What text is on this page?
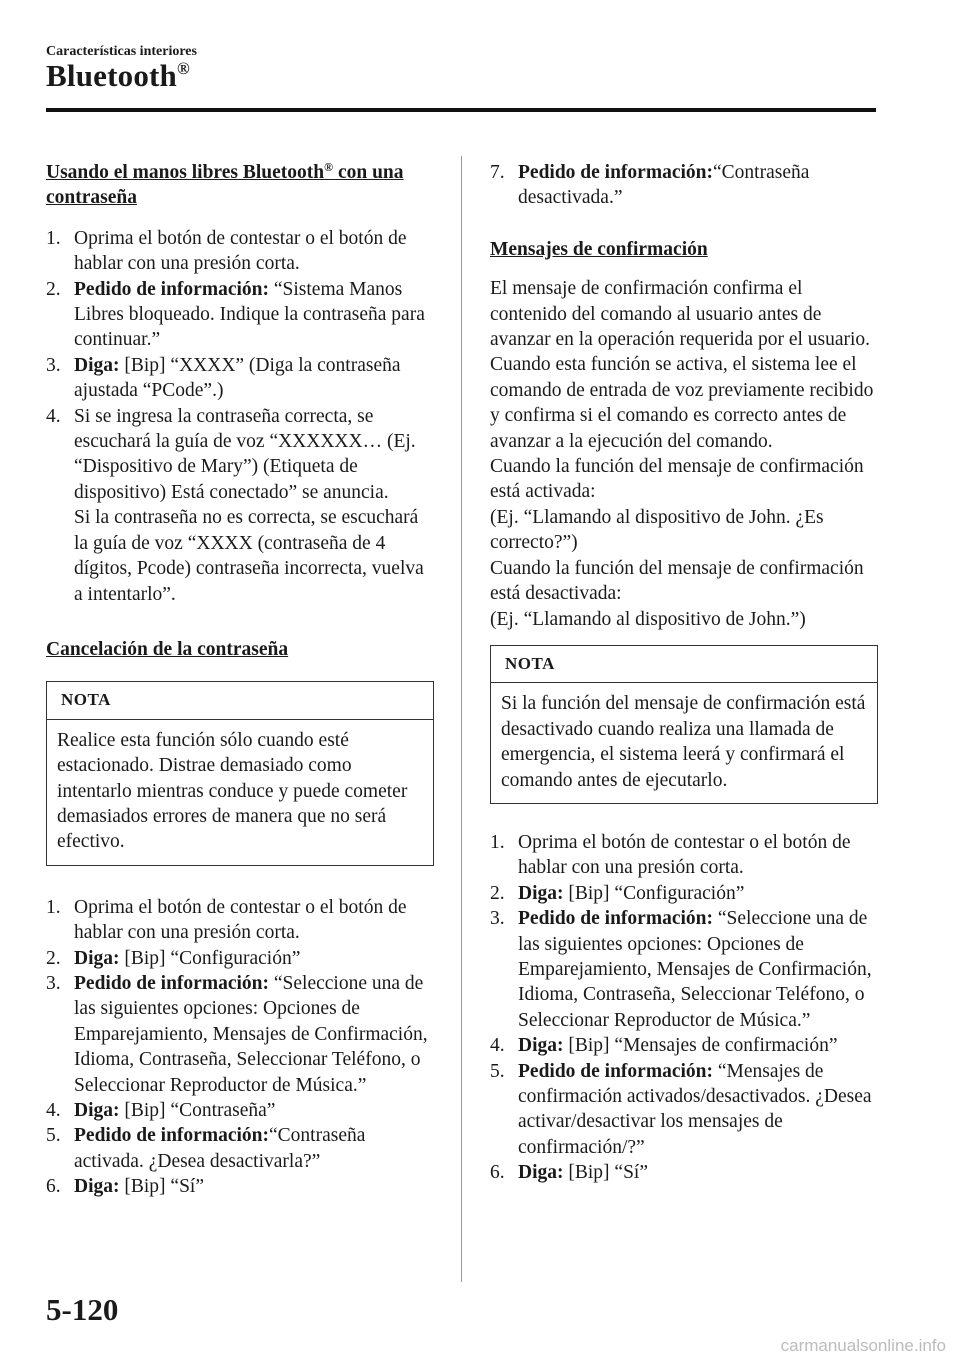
Características interiores
Bluetooth®
Usando el manos libres Bluetooth® con una contraseña
1. Oprima el botón de contestar o el botón de hablar con una presión corta.
2. Pedido de información: “Sistema Manos Libres bloqueado. Indique la contraseña para continuar.”
3. Diga: [Bip] “XXXX” (Diga la contraseña ajustada “PCode”.)
4. Si se ingresa la contraseña correcta, se escuchará la guía de voz “XXXXXX… (Ej. “Dispositivo de Mary”) (Etiqueta de dispositivo) Está conectado” se anuncia.
Si la contraseña no es correcta, se escuchará la guía de voz “XXXX (contraseña de 4 dígitos, Pcode) contraseña incorrecta, vuelva a intentarlo”.
Cancelación de la contraseña
NOTA
Realice esta función sólo cuando esté estacionado. Distrae demasiado como intentarlo mientras conduce y puede cometer demasiados errores de manera que no será efectivo.
1. Oprima el botón de contestar o el botón de hablar con una presión corta.
2. Diga: [Bip] “Configuración”
3. Pedido de información: “Seleccione una de las siguientes opciones: Opciones de Emparejamiento, Mensajes de Confirmación, Idioma, Contraseña, Seleccionar Teléfono, o Seleccionar Reproductor de Música.”
4. Diga: [Bip] “Contraseña”
5. Pedido de información:“Contraseña activada. ¿Desea desactivarla?”
6. Diga: [Bip] “Sí”
7. Pedido de información:“Contraseña desactivada.”
Mensajes de confirmación

El mensaje de confirmación confirma el contenido del comando al usuario antes de avanzar en la operación requerida por el usuario. Cuando esta función se activa, el sistema lee el comando de entrada de voz previamente recibido y confirma si el comando es correcto antes de avanzar a la ejecución del comando.

Cuando la función del mensaje de confirmación está activada:

(Ej. “Llamando al dispositivo de John. ¿Es correcto?”)

Cuando la función del mensaje de confirmación está desactivada:

(Ej. “Llamando al dispositivo de John.”)

NOTA
Si la función del mensaje de confirmación está desactivado cuando realiza una llamada de emergencia, el sistema leerá y confirmará el comando antes de ejecutarlo.
1. Oprima el botón de contestar o el botón de hablar con una presión corta.
2. Diga: [Bip] “Configuración”
3. Pedido de información: “Seleccione una de las siguientes opciones: Opciones de Emparejamiento, Mensajes de Confirmación, Idioma, Contraseña, Seleccionar Teléfono, o Seleccionar Reproductor de Música.”
4. Diga: [Bip] “Mensajes de confirmación”
5. Pedido de información: “Mensajes de confirmación activados/desactivados. ¿Desea activar/desactivar los mensajes de confirmación/?”
6. Diga: [Bip] “Sí”
5-120
carmanualsonline.info
